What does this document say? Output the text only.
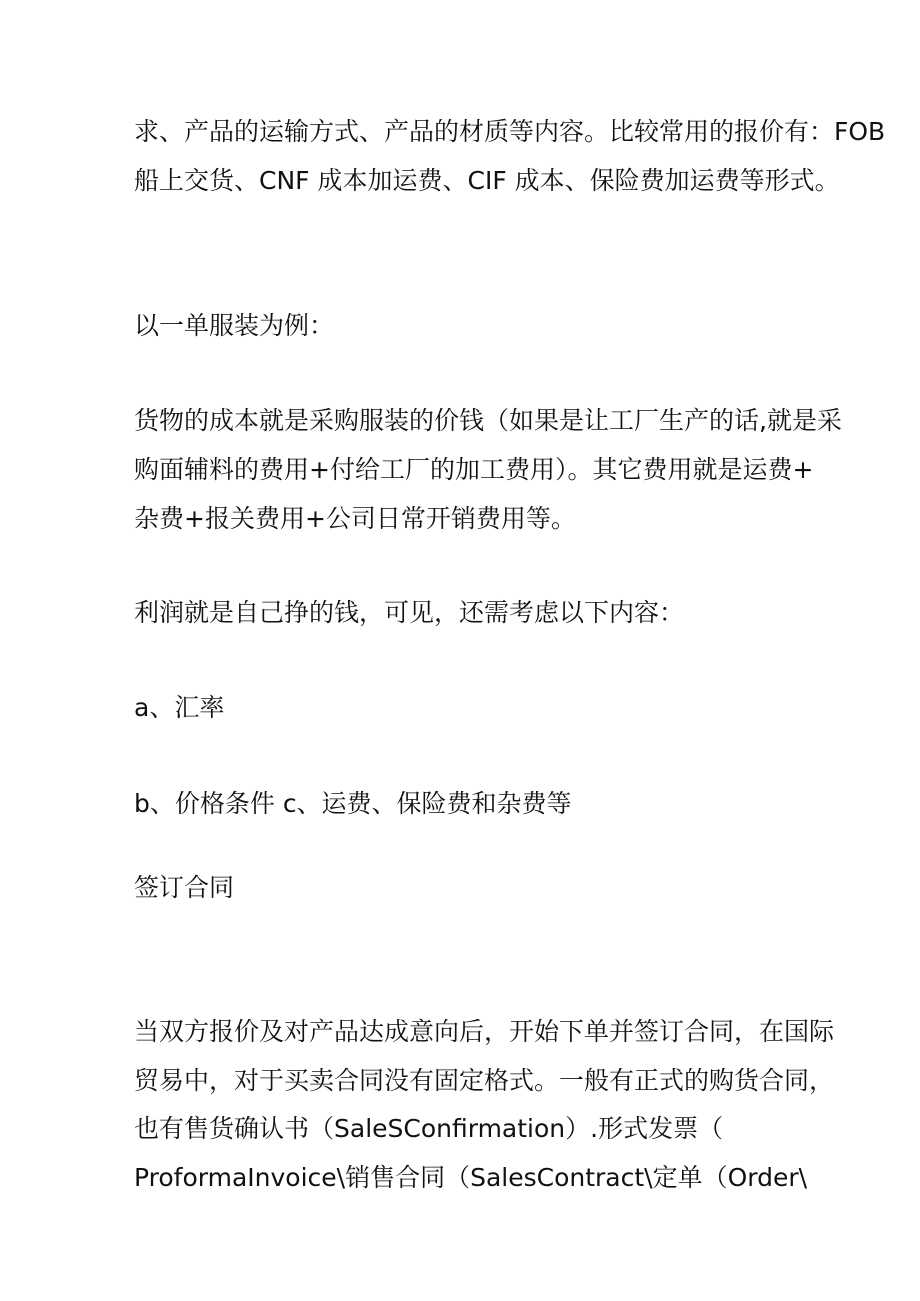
求、产品的运输方式、产品的材质等内容。比较常用的报价有：FOB
船上交货、CNF 成本加运费、CIF 成本、保险费加运费等形式。
以一单服装为例：
货物的成本就是采购服装的价钱（如果是让工厂生产的话,就是采
购面辅料的费用+付给工厂的加工费用）。其它费用就是运费+
杂费+报关费用+公司日常开销费用等。
利润就是自己挣的钱，可见，还需考虑以下内容：
a、汇率
b、价格条件 c、运费、保险费和杂费等
签订合同
当双方报价及对产品达成意向后，开始下单并签订合同，在国际
贸易中，对于买卖合同没有固定格式。一般有正式的购货合同，
也有售货确认书（SaleSConfirmation）.形式发票（
ProformaInvoice\销售合同（SalesContract\定单（Order\
